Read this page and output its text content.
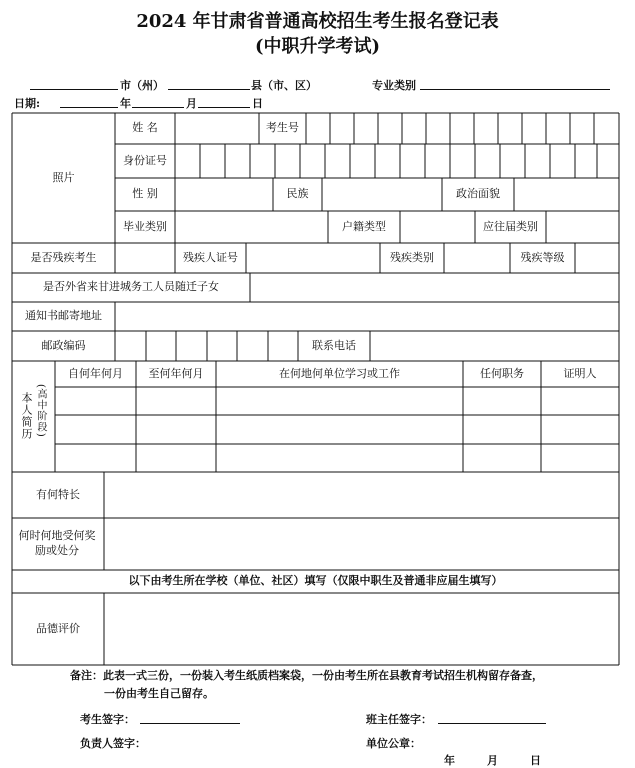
2024 年甘肃省普通高校招生考生报名登记表
(中职升学考试)
市（州）	县（市、区）	专业类别
日期:	年	月	日
照片
姓 名	考生号
身份证号
性 别	民族	政治面貌
毕业类别	户籍类型	应往届类别
是否残疾考生	残疾人证号	残疾类别	残疾等级
是否外省来甘进城务工人员随迁子女
通知书邮寄地址
邮政编码	联系电话
本人简历 (高中阶段)
自何年何月	至何年何月	在何地何单位学习或工作	任何职务	证明人
有何特长
何时何地受何奖励或处分
以下由考生所在学校（单位、社区）填写（仅限中职生及普通非应届生填写）
品德评价
备注：此表一式三份，一份装入考生纸质档案袋，一份由考生所在县教育考试招生机构留存备查，
一份由考生自己留存。
考生签字：	班主任签字：
负责人签字：	单位公章：
年	月	日
